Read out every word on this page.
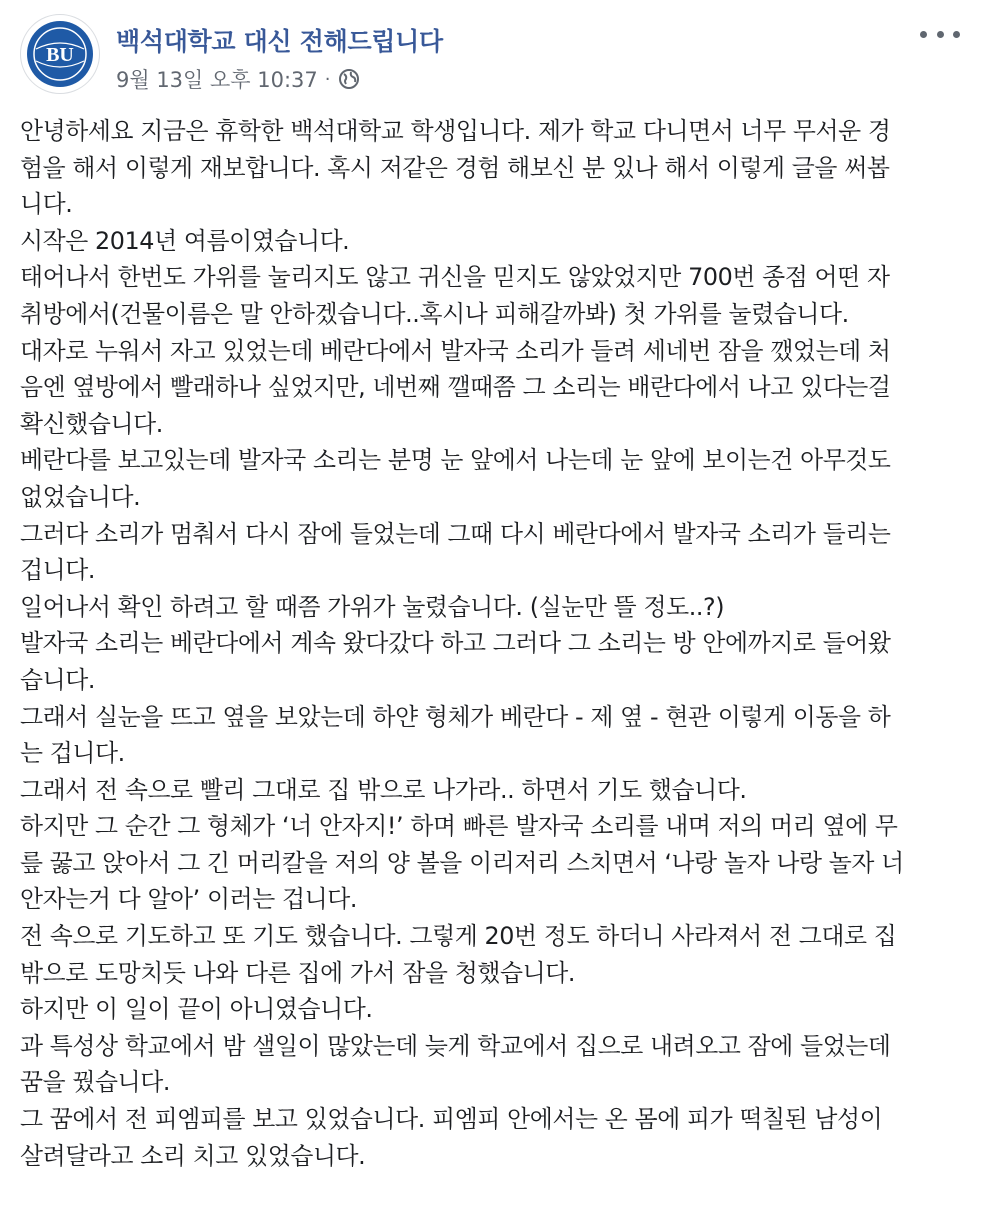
BU 백석대학교 대신 전해드립니다
9월 13일 오후 10:37 ·
안녕하세요 지금은 휴학한 백석대학교 학생입니다. 제가 학교 다니면서 너무 무서운 경
험을 해서 이렇게 재보합니다. 혹시 저같은 경험 해보신 분 있나 해서 이렇게 글을 써봅
니다.
시작은 2014년 여름이였습니다.
태어나서 한번도 가위를 눌리지도 않고 귀신을 믿지도 않았었지만 700번 종점 어떤 자
취방에서(건물이름은 말 안하겠습니다..혹시나 피해갈까봐) 첫 가위를 눌렸습니다.
대자로 누워서 자고 있었는데 베란다에서 발자국 소리가 들려 세네번 잠을 깼었는데 처
음엔 옆방에서 빨래하나 싶었지만, 네번째 깰때쯤 그 소리는 배란다에서 나고 있다는걸
확신했습니다.
베란다를 보고있는데 발자국 소리는 분명 눈 앞에서 나는데 눈 앞에 보이는건 아무것도
없었습니다.
그러다 소리가 멈춰서 다시 잠에 들었는데 그때 다시 베란다에서 발자국 소리가 들리는
겁니다.
일어나서 확인 하려고 할 때쯤 가위가 눌렸습니다. (실눈만 뜰 정도..?)
발자국 소리는 베란다에서 계속 왔다갔다 하고 그러다 그 소리는 방 안에까지로 들어왔
습니다.
그래서 실눈을 뜨고 옆을 보았는데 하얀 형체가 베란다 - 제 옆 - 현관 이렇게 이동을 하
는 겁니다.
그래서 전 속으로 빨리 그대로 집 밖으로 나가라.. 하면서 기도 했습니다.
하지만 그 순간 그 형체가 ‘너 안자지!’ 하며 빠른 발자국 소리를 내며 저의 머리 옆에 무
릎 꿇고 앉아서 그 긴 머리칼을 저의 양 볼을 이리저리 스치면서 ‘나랑 놀자 나랑 놀자 너
안자는거 다 알아’ 이러는 겁니다.
전 속으로 기도하고 또 기도 했습니다. 그렇게 20번 정도 하더니 사라져서 전 그대로 집
밖으로 도망치듯 나와 다른 집에 가서 잠을 청했습니다.
하지만 이 일이 끝이 아니였습니다.
과 특성상 학교에서 밤 샐일이 많았는데 늦게 학교에서 집으로 내려오고 잠에 들었는데
꿈을 꿨습니다.
그 꿈에서 전 피엠피를 보고 있었습니다. 피엠피 안에서는 온 몸에 피가 떡칠된 남성이
살려달라고 소리 치고 있었습니다.
